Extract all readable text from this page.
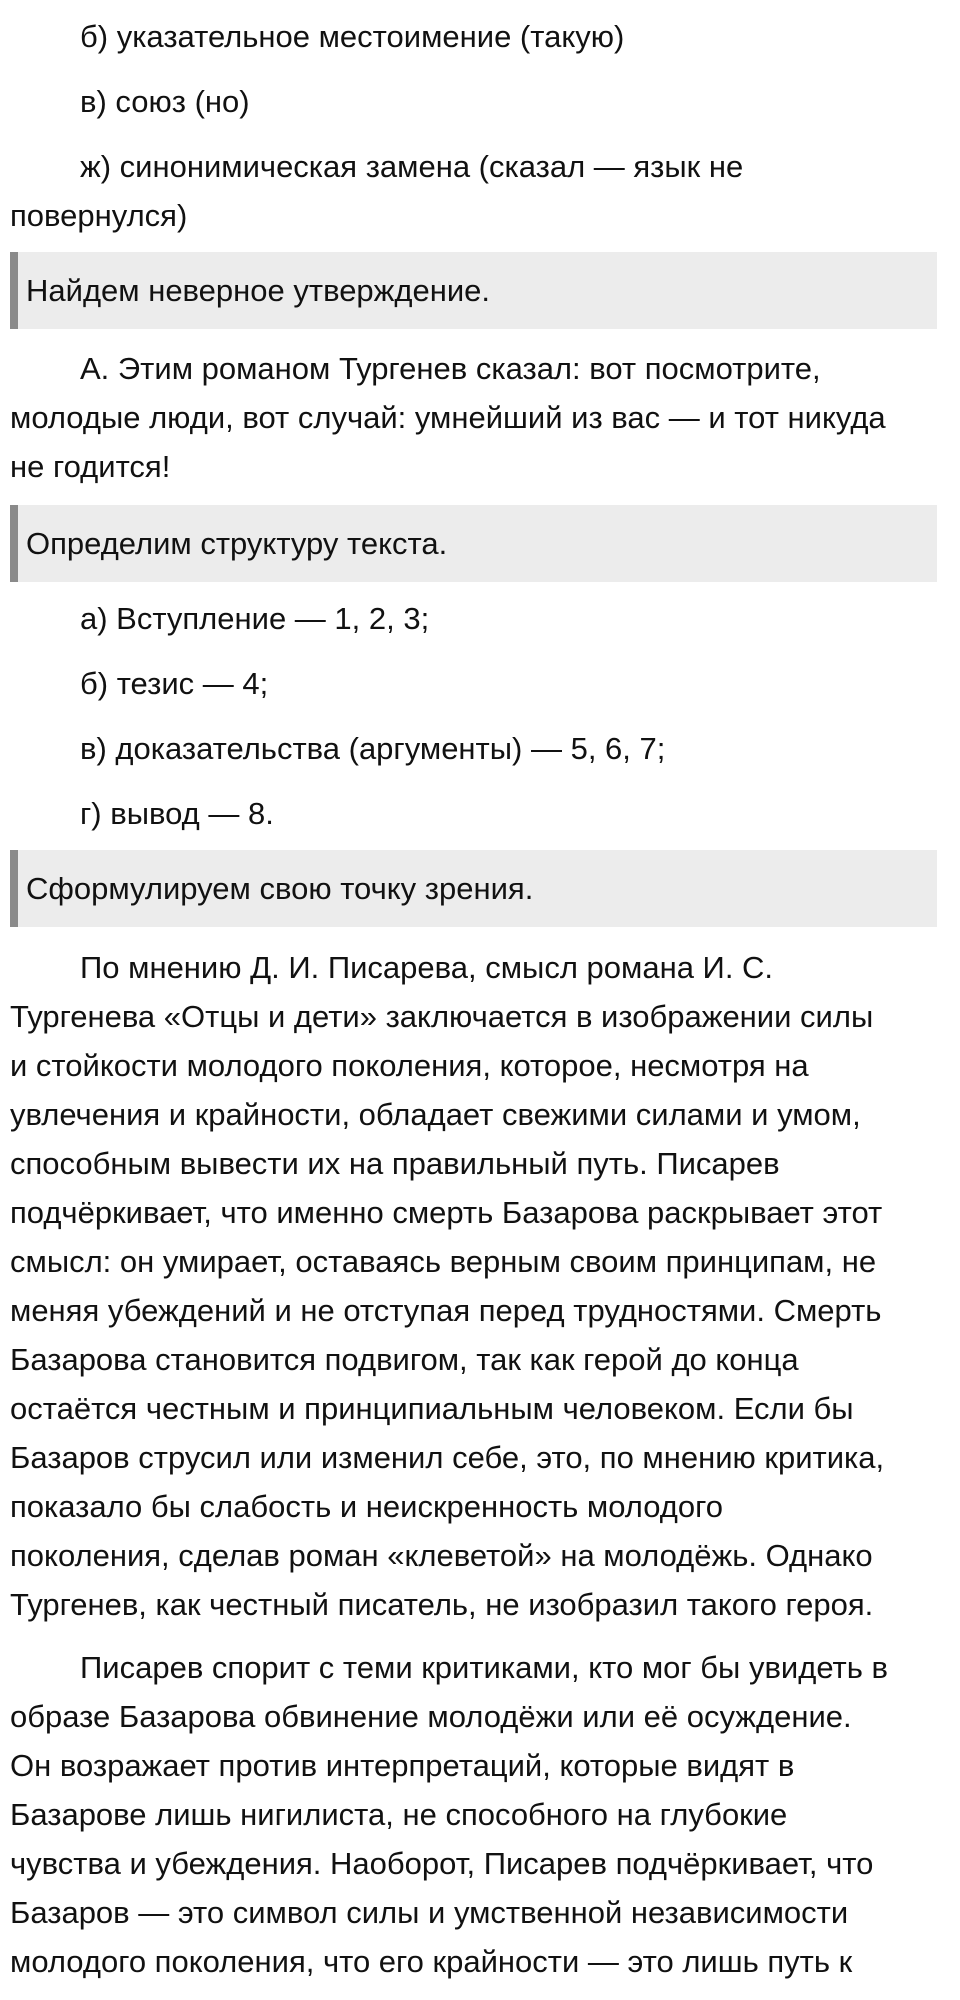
б) указательное местоимение (такую)

в) союз (но)

ж) синонимическая замена (сказал — язык не
повернулся)
Найдем неверное утверждение.
А. Этим романом Тургенев сказал: вот посмотрите,
молодые люди, вот случай: умнейший из вас — и тот никуда
не годится!
Определим структуру текста.

а) Вступление — 1, 2, 3;

б) тезис — 4;

в) доказательства (аргументы) — 5, 6, 7;

г) вывод — 8.

Сформулируем свою точку зрения.
По мнению Д. И. Писарева, смысл романа И. С.
Тургенева «Отцы и дети» заключается в изображении силы
и стойкости молодого поколения, которое, несмотря на
увлечения и крайности, обладает свежими силами и умом,
способным вывести их на правильный путь. Писарев
подчёркивает, что именно смерть Базарова раскрывает этот
смысл: он умирает, оставаясь верным своим принципам, не
меняя убеждений и не отступая перед трудностями. Смерть
Базарова становится подвигом, так как герой до конца
остаётся честным и принципиальным человеком. Если бы
Базаров струсил или изменил себе, это, по мнению критика,
показало бы слабость и неискренность молодого
поколения, сделав роман «клеветой» на молодёжь. Однако
Тургенев, как честный писатель, не изобразил такого героя.
Писарев спорит с теми критиками, кто мог бы увидеть в
образе Базарова обвинение молодёжи или её осуждение.
Он возражает против интерпретаций, которые видят в
Базарове лишь нигилиста, не способного на глубокие
чувства и убеждения. Наоборот, Писарев подчёркивает, что
Базаров — это символ силы и умственной независимости
молодого поколения, что его крайности — это лишь путь к
